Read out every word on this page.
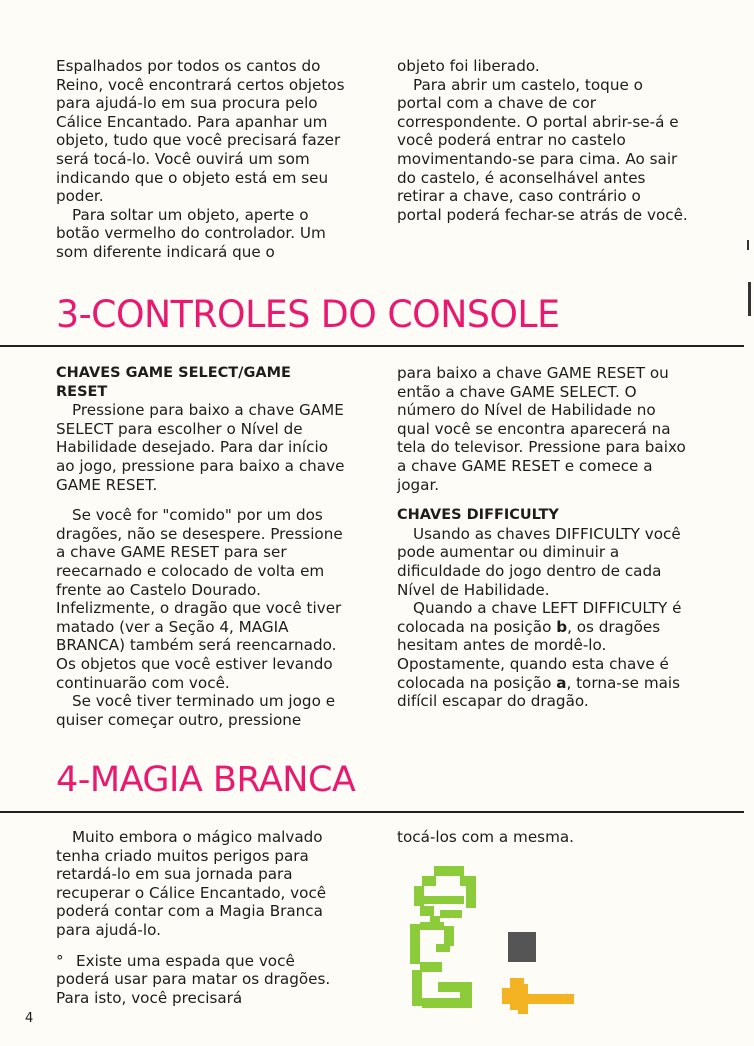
Espalhados por todos os cantos do Reino, você encontrará certos objetos para ajudá-lo em sua procura pelo Cálice Encantado. Para apanhar um objeto, tudo que você precisará fazer será tocá-lo. Você ouvirá um som indicando que o objeto está em seu poder.

Para soltar um objeto, aperte o botão vermelho do controlador. Um som diferente indicará que o

objeto foi liberado.

Para abrir um castelo, toque o portal com a chave de cor correspondente. O portal abrir-se-á e você poderá entrar no castelo movimentando-se para cima. Ao sair do castelo, é aconselhável antes retirar a chave, caso contrário o portal poderá fechar-se atrás de você.

3-CONTROLES DO CONSOLE

CHAVES GAME SELECT/GAME RESET

Pressione para baixo a chave GAME SELECT para escolher o Nível de Habilidade desejado. Para dar início ao jogo, pressione para baixo a chave GAME RESET.

Se você for "comido" por um dos dragões, não se desespere. Pressione a chave GAME RESET para ser reecarnado e colocado de volta em frente ao Castelo Dourado. Infelizmente, o dragão que você tiver matado (ver a Seção 4, MAGIA BRANCA) também será reencarnado. Os objetos que você estiver levando continuarão com você.

Se você tiver terminado um jogo e quiser começar outro, pressione

para baixo a chave GAME RESET ou então a chave GAME SELECT. O número do Nível de Habilidade no qual você se encontra aparecerá na tela do televisor. Pressione para baixo a chave GAME RESET e comece a jogar.

CHAVES DIFFICULTY

Usando as chaves DIFFICULTY você pode aumentar ou diminuir a dificuldade do jogo dentro de cada Nível de Habilidade.

Quando a chave LEFT DIFFICULTY é colocada na posição b, os dragões hesitam antes de mordê-lo. Opostamente, quando esta chave é colocada na posição a, torna-se mais difícil escapar do dragão.

4-MAGIA BRANCA

Muito embora o mágico malvado tenha criado muitos perigos para retardá-lo em sua jornada para recuperar o Cálice Encantado, você poderá contar com a Magia Branca para ajudá-lo.

° Existe uma espada que você poderá usar para matar os dragões. Para isto, você precisará

tocá-los com a mesma.

4
